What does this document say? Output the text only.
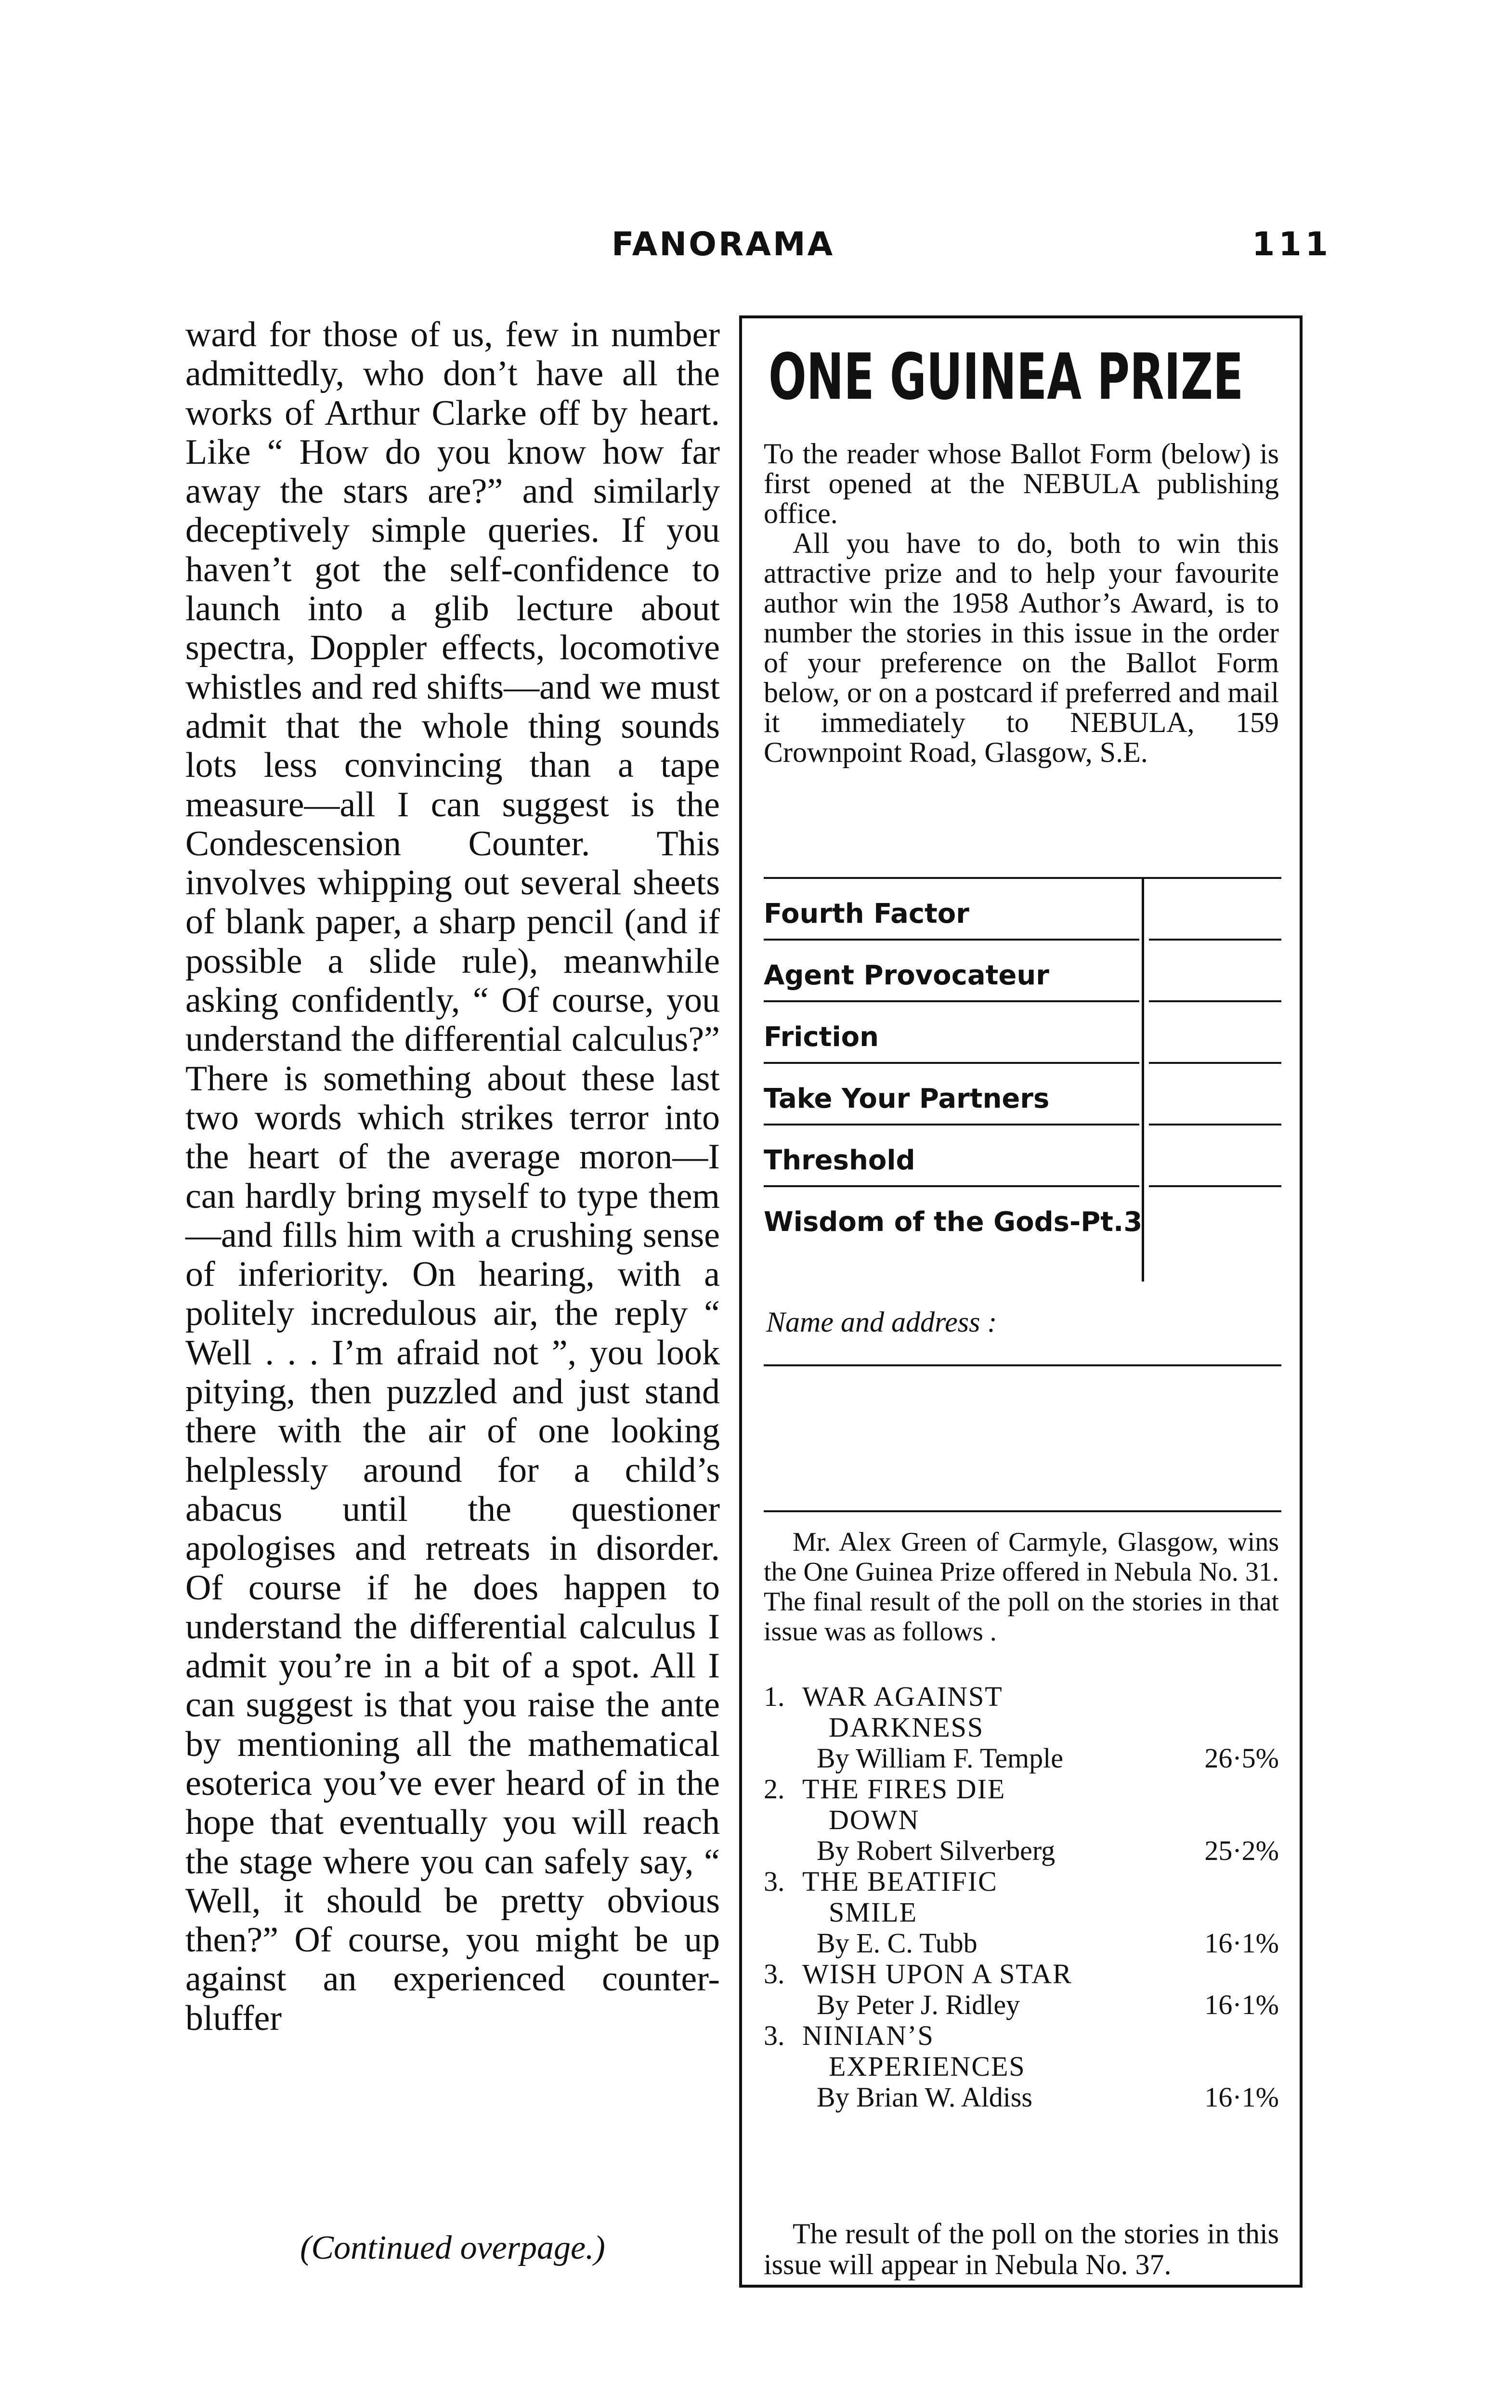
FANORAMA	111

ward for those of us, few in number admittedly, who don’t have all the works of Arthur Clarke off by heart. Like “ How do you know how far away the stars are?” and similarly deceptively simple queries. If you haven’t got the self-confidence to launch into a glib lecture about spectra, Doppler effects, locomotive whistles and red shifts—and we must admit that the whole thing sounds lots less convincing than a tape measure—all I can suggest is the Condescension Counter. This involves whipping out several sheets of blank paper, a sharp pencil (and if possible a slide rule), meanwhile asking confidently, “ Of course, you understand the differential calculus?” There is something about these last two words which strikes terror into the heart of the average moron—I can hardly bring myself to type them—and fills him with a crushing sense of inferiority. On hearing, with a politely incredulous air, the reply “ Well . . . I’m afraid not ”, you look pitying, then puzzled and just stand there with the air of one looking helplessly around for a child’s abacus until the questioner apologises and retreats in disorder. Of course if he does happen to understand the differential calculus I admit you’re in a bit of a spot. All I can suggest is that you raise the ante by mentioning all the mathematical esoterica you’ve ever heard of in the hope that eventually you will reach the stage where you can safely say, “ Well, it should be pretty obvious then?” Of course, you might be up against an experienced counter-bluffer

(Continued overpage.)
ONE GUINEA PRIZE

To the reader whose Ballot Form (below) is first opened at the NEBULA publishing office.

All you have to do, both to win this attractive prize and to help your favourite author win the 1958 Author’s Award, is to number the stories in this issue in the order of your preference on the Ballot Form below, or on a postcard if preferred and mail it immediately to NEBULA, 159 Crownpoint Road, Glasgow, S.E.

Fourth Factor
Agent Provocateur
Friction
Take Your Partners
Threshold
Wisdom of the Gods-Pt.3
Name and address :

Mr. Alex Green of Carmyle, Glasgow, wins the One Guinea Prize offered in Nebula No. 31. The final result of the poll on the stories in that issue was as follows .

1. WAR AGAINST
DARKNESS
By William F. Temple	26·5%
2. THE FIRES DIE
DOWN
By Robert Silverberg	25·2%
3. THE BEATIFIC
SMILE
By E. C. Tubb	16·1%
3. WISH UPON A STAR
By Peter J. Ridley	16·1%
3. NINIAN’S
EXPERIENCES
By Brian W. Aldiss	16·1%

The result of the poll on the stories in this issue will appear in Nebula No. 37.
